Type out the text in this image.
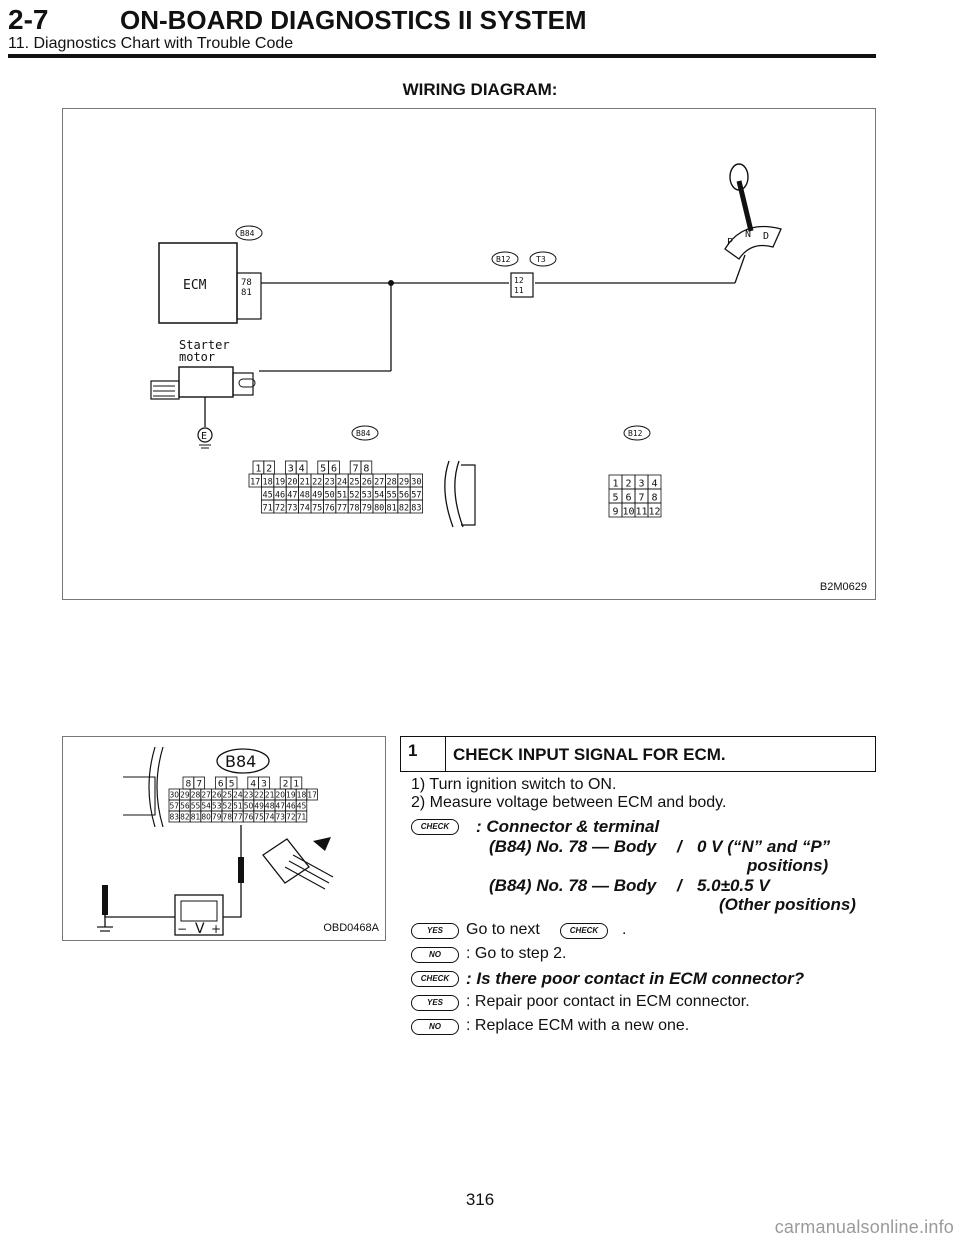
2-7	ON-BOARD DIAGNOSTICS II SYSTEM
11. Diagnostics Chart with Trouble Code
WIRING DIAGRAM:
ECM	78
81
B84
12
11
B12	T3
P
N D
Starter
motor
E	B84	B12
1 2 3 4 5 6 7 8
17 18 19 20 21 22 23 24 25 26 27 28 29 30
45 46 47 48 49 50 51 52 53 54 55 56 57
71 72 73 74 75 76 77 78 79 80 81 82 83
1 2 3 4
5 6 7 8
9 10 11 12
B2M0629
B84
8 7 6 5 4 3 2 1
30 29 28 27 26 25 24 23 22 21 20 19 18 17
57 56 55 54 53 52 51 50 49 48 47 46 45
83 82 81 80 79 78 77 76 75 74 73 72 71
V
− +	OBD0468A
1 CHECK INPUT SIGNAL FOR ECM.
1) Turn ignition switch to ON.
2) Measure voltage between ECM and body.
CHECK	: Connector & terminal
(B84) No. 78 — Body / 0 V (“N” and “P”
positions)
(B84) No. 78 — Body / 5.0±0.5 V
(Other positions)
YES	Go to next	CHECK	.
NO	: Go to step 2.
CHECK : Is there poor contact in ECM connector?
YES	: Repair poor contact in ECM connector.
NO	: Replace ECM with a new one.
316
carmanualsonline.info
